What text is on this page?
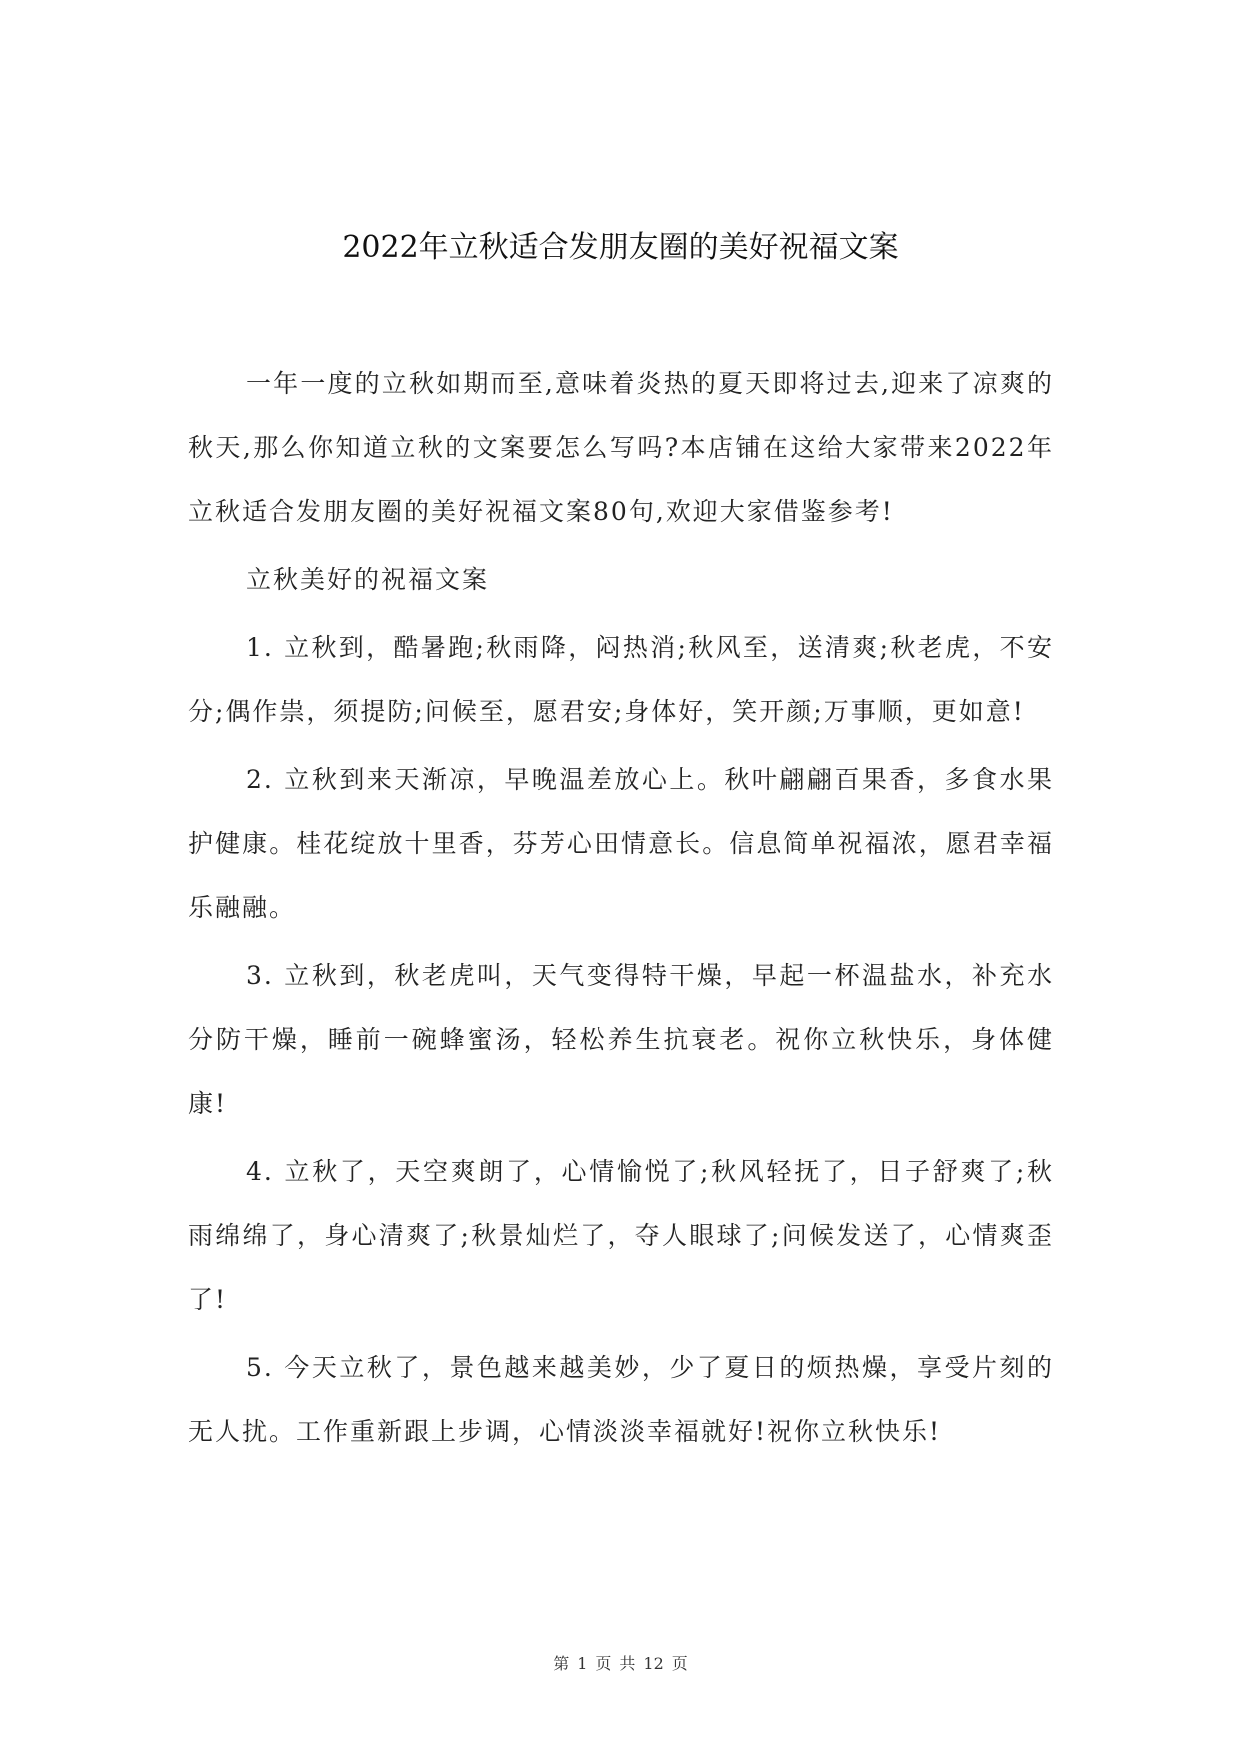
2022年立秋适合发朋友圈的美好祝福文案

一年一度的立秋如期而至,意味着炎热的夏天即将过去,迎来了凉爽的秋天,那么你知道立秋的文案要怎么写吗?本店铺在这给大家带来2022年立秋适合发朋友圈的美好祝福文案80句,欢迎大家借鉴参考!

立秋美好的祝福文案

1. 立秋到，酷暑跑;秋雨降，闷热消;秋风至，送清爽;秋老虎，不安分;偶作祟，须提防;问候至，愿君安;身体好，笑开颜;万事顺，更如意!

2. 立秋到来天渐凉，早晚温差放心上。秋叶翩翩百果香，多食水果护健康。桂花绽放十里香，芬芳心田情意长。信息简单祝福浓，愿君幸福乐融融。

3. 立秋到，秋老虎叫，天气变得特干燥，早起一杯温盐水，补充水分防干燥，睡前一碗蜂蜜汤，轻松养生抗衰老。祝你立秋快乐，身体健康!

4. 立秋了，天空爽朗了，心情愉悦了;秋风轻抚了，日子舒爽了;秋雨绵绵了，身心清爽了;秋景灿烂了，夺人眼球了;问候发送了，心情爽歪了!

5. 今天立秋了，景色越来越美妙，少了夏日的烦热燥，享受片刻的无人扰。工作重新跟上步调，心情淡淡幸福就好!祝你立秋快乐!

第 1 页 共 12 页
